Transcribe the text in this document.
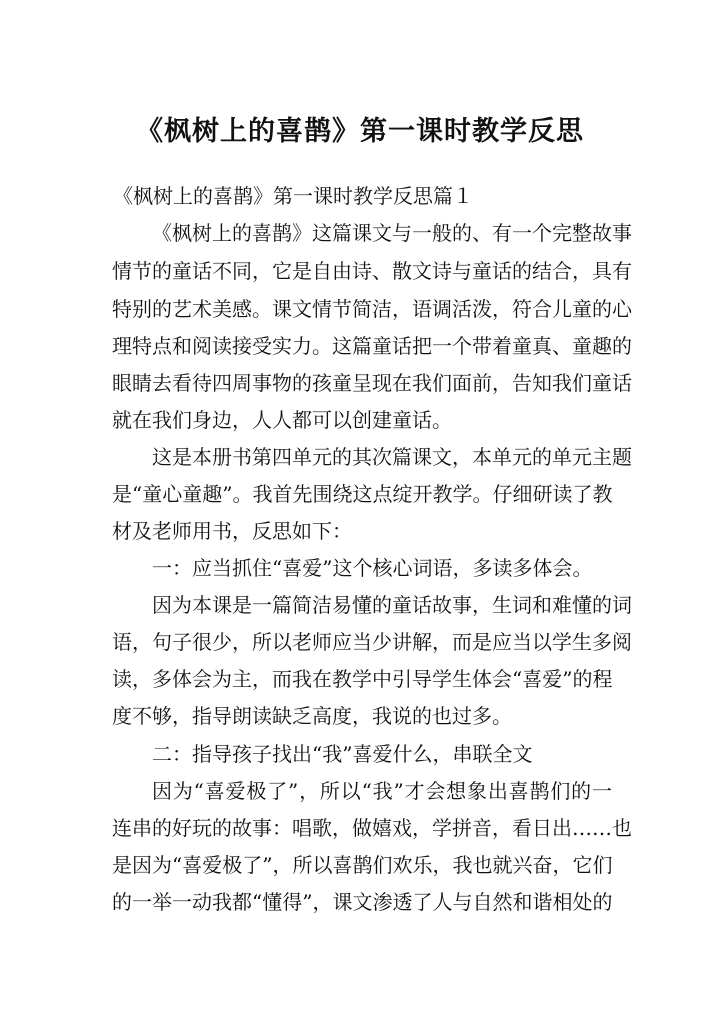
《枫树上的喜鹊》第一课时教学反思
《枫树上的喜鹊》第一课时教学反思篇１
《枫树上的喜鹊》这篇课文与一般的、有一个完整故事
情节的童话不同，它是自由诗、散文诗与童话的结合，具有
特别的艺术美感。课文情节简洁，语调活泼，符合儿童的心
理特点和阅读接受实力。这篇童话把一个带着童真、童趣的
眼睛去看待四周事物的孩童呈现在我们面前，告知我们童话
就在我们身边，人人都可以创建童话。
这是本册书第四单元的其次篇课文，本单元的单元主题
是“童心童趣”。我首先围绕这点绽开教学。仔细研读了教
材及老师用书，反思如下：
一：应当抓住“喜爱”这个核心词语，多读多体会。
因为本课是一篇简洁易懂的童话故事，生词和难懂的词
语，句子很少，所以老师应当少讲解，而是应当以学生多阅
读，多体会为主，而我在教学中引导学生体会“喜爱”的程
度不够，指导朗读缺乏高度，我说的也过多。
二：指导孩子找出“我”喜爱什么，串联全文
因为“喜爱极了”，所以“我”才会想象出喜鹊们的一
连串的好玩的故事：唱歌，做嬉戏，学拼音，看日出……也
是因为“喜爱极了”，所以喜鹊们欢乐，我也就兴奋，它们
的一举一动我都“懂得”，课文渗透了人与自然和谐相处的
